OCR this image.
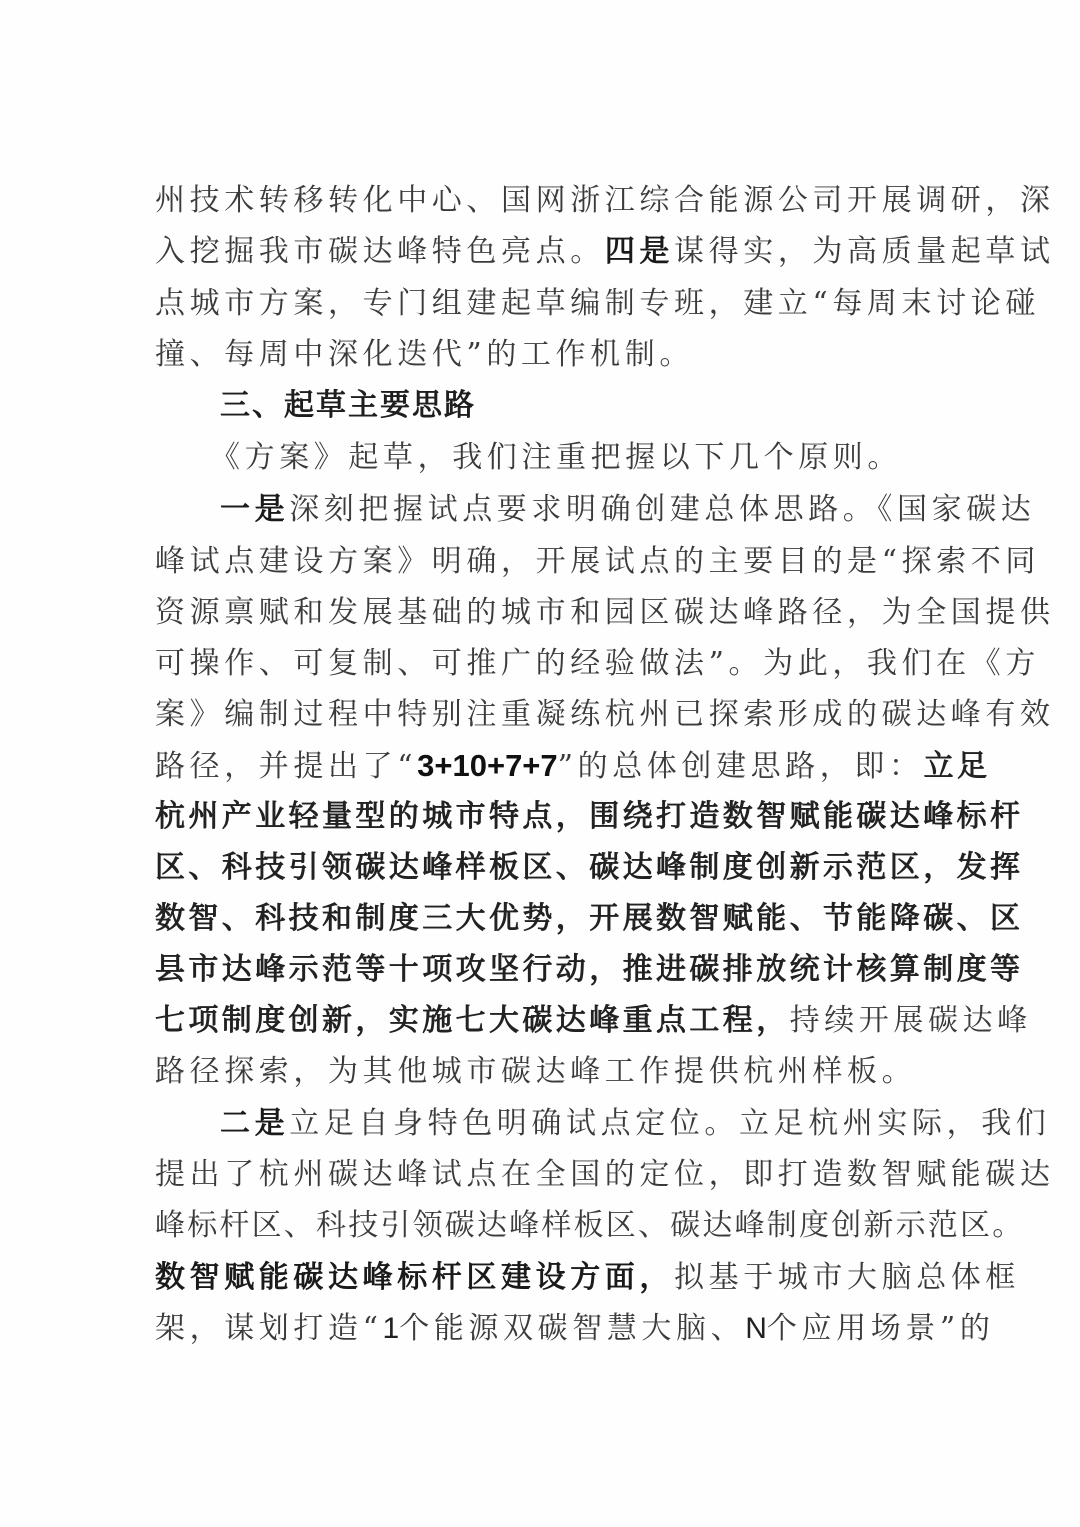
州技术转移转化中心、国网浙江综合能源公司开展调研，深
入挖掘我市碳达峰特色亮点。四是谋得实，为高质量起草试
点城市方案，专门组建起草编制专班，建立“每周末讨论碰
撞、每周中深化迭代”的工作机制。
三、起草主要思路
《方案》起草，我们注重把握以下几个原则。
一是深刻把握试点要求明确创建总体思路。《国家碳达
峰试点建设方案》明确，开展试点的主要目的是“探索不同
资源禀赋和发展基础的城市和园区碳达峰路径，为全国提供
可操作、可复制、可推广的经验做法”。为此，我们在《方
案》编制过程中特别注重凝练杭州已探索形成的碳达峰有效
路径，并提出了“3+10+7+7”的总体创建思路，即：立足
杭州产业轻量型的城市特点，围绕打造数智赋能碳达峰标杆
区、科技引领碳达峰样板区、碳达峰制度创新示范区，发挥
数智、科技和制度三大优势，开展数智赋能、节能降碳、区
县市达峰示范等十项攻坚行动，推进碳排放统计核算制度等
七项制度创新，实施七大碳达峰重点工程，持续开展碳达峰
路径探索，为其他城市碳达峰工作提供杭州样板。
二是立足自身特色明确试点定位。立足杭州实际，我们
提出了杭州碳达峰试点在全国的定位，即打造数智赋能碳达
峰标杆区、科技引领碳达峰样板区、碳达峰制度创新示范区。
数智赋能碳达峰标杆区建设方面，拟基于城市大脑总体框
架，谋划打造“1个能源双碳智慧大脑、N个应用场景”的
